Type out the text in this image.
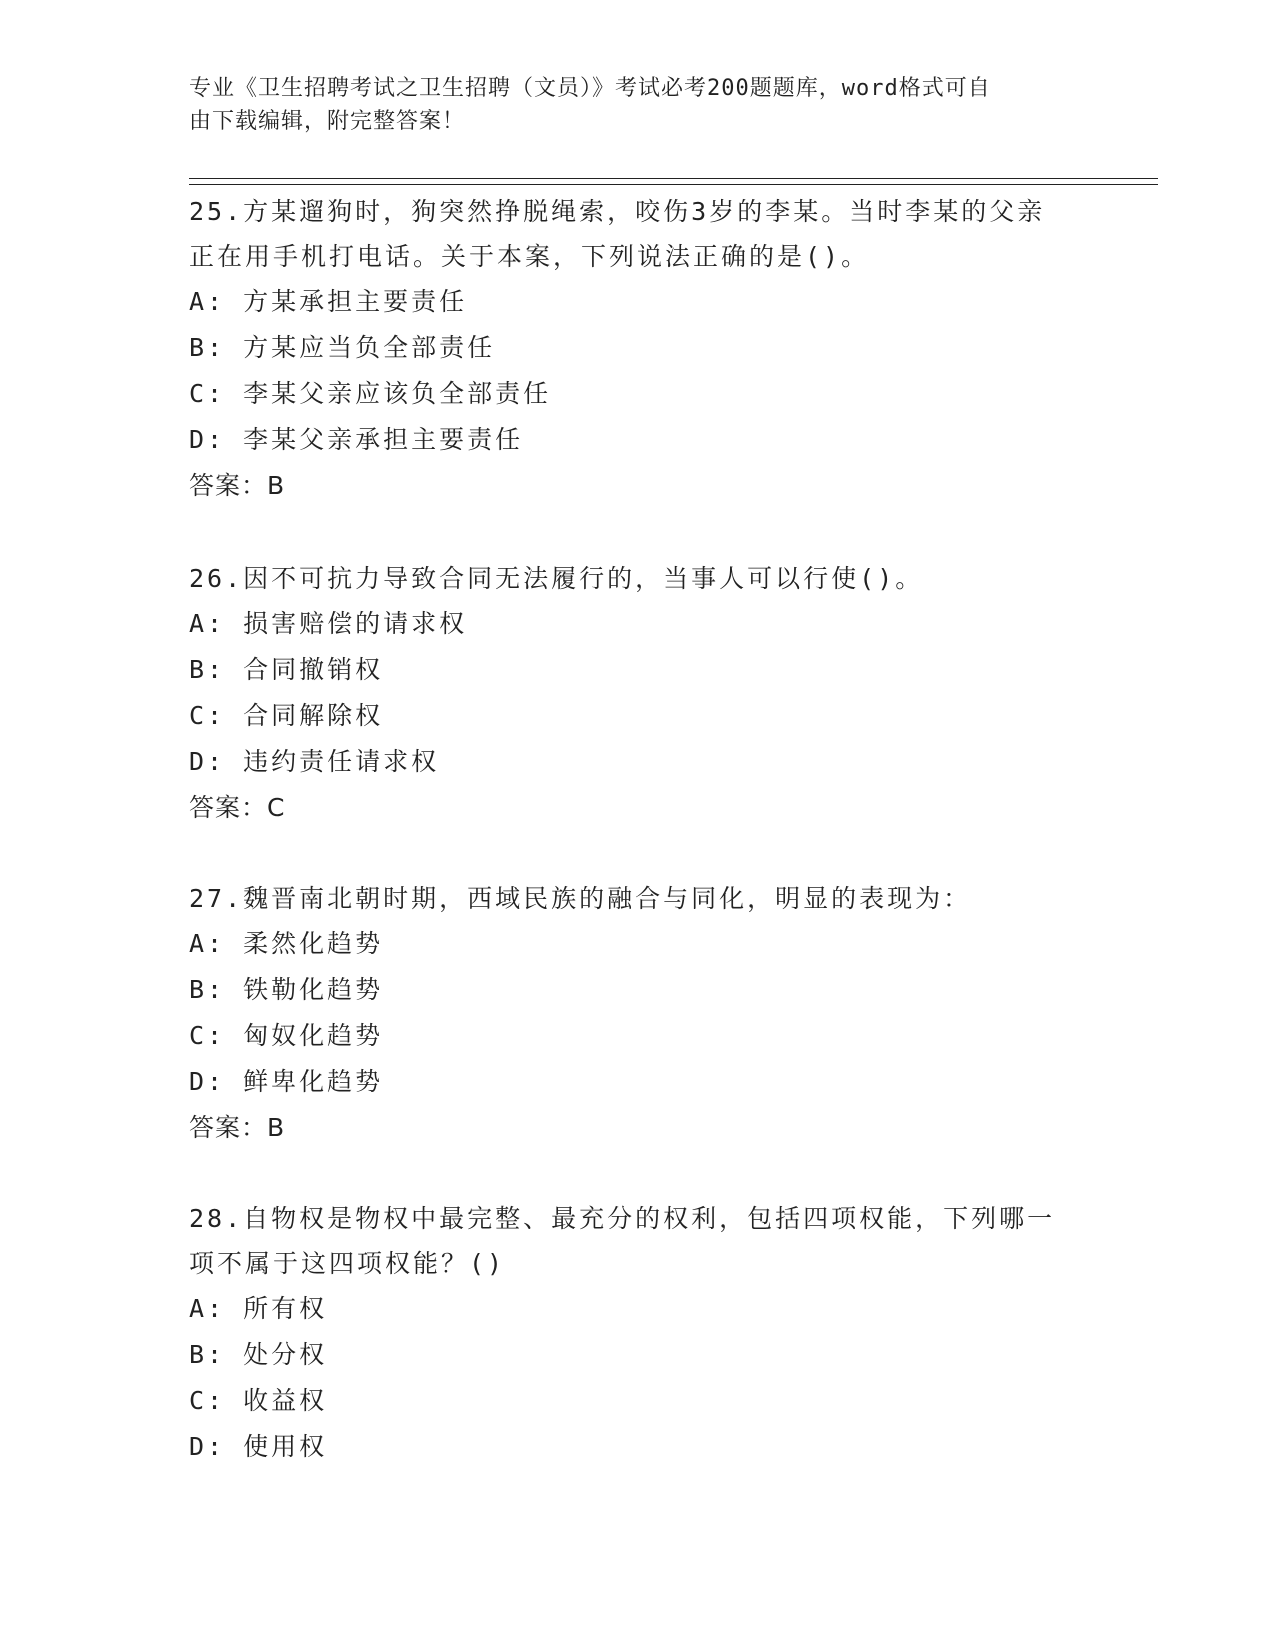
专业《卫生招聘考试之卫生招聘（文员）》考试必考200题题库，word格式可自
由下载编辑，附完整答案！

25.方某遛狗时，狗突然挣脱绳索，咬伤3岁的李某。当时李某的父亲

正在用手机打电话。关于本案，下列说法正确的是()。

A: 方某承担主要责任

B: 方某应当负全部责任

C: 李某父亲应该负全部责任

D: 李某父亲承担主要责任

答案：B

26.因不可抗力导致合同无法履行的，当事人可以行使()。

A: 损害赔偿的请求权

B: 合同撤销权

C: 合同解除权

D: 违约责任请求权

答案：C

27.魏晋南北朝时期，西域民族的融合与同化，明显的表现为：

A: 柔然化趋势

B: 铁勒化趋势

C: 匈奴化趋势

D: 鲜卑化趋势

答案：B

28.自物权是物权中最完整、最充分的权利，包括四项权能，下列哪一

项不属于这四项权能？()

A: 所有权

B: 处分权

C: 收益权

D: 使用权
